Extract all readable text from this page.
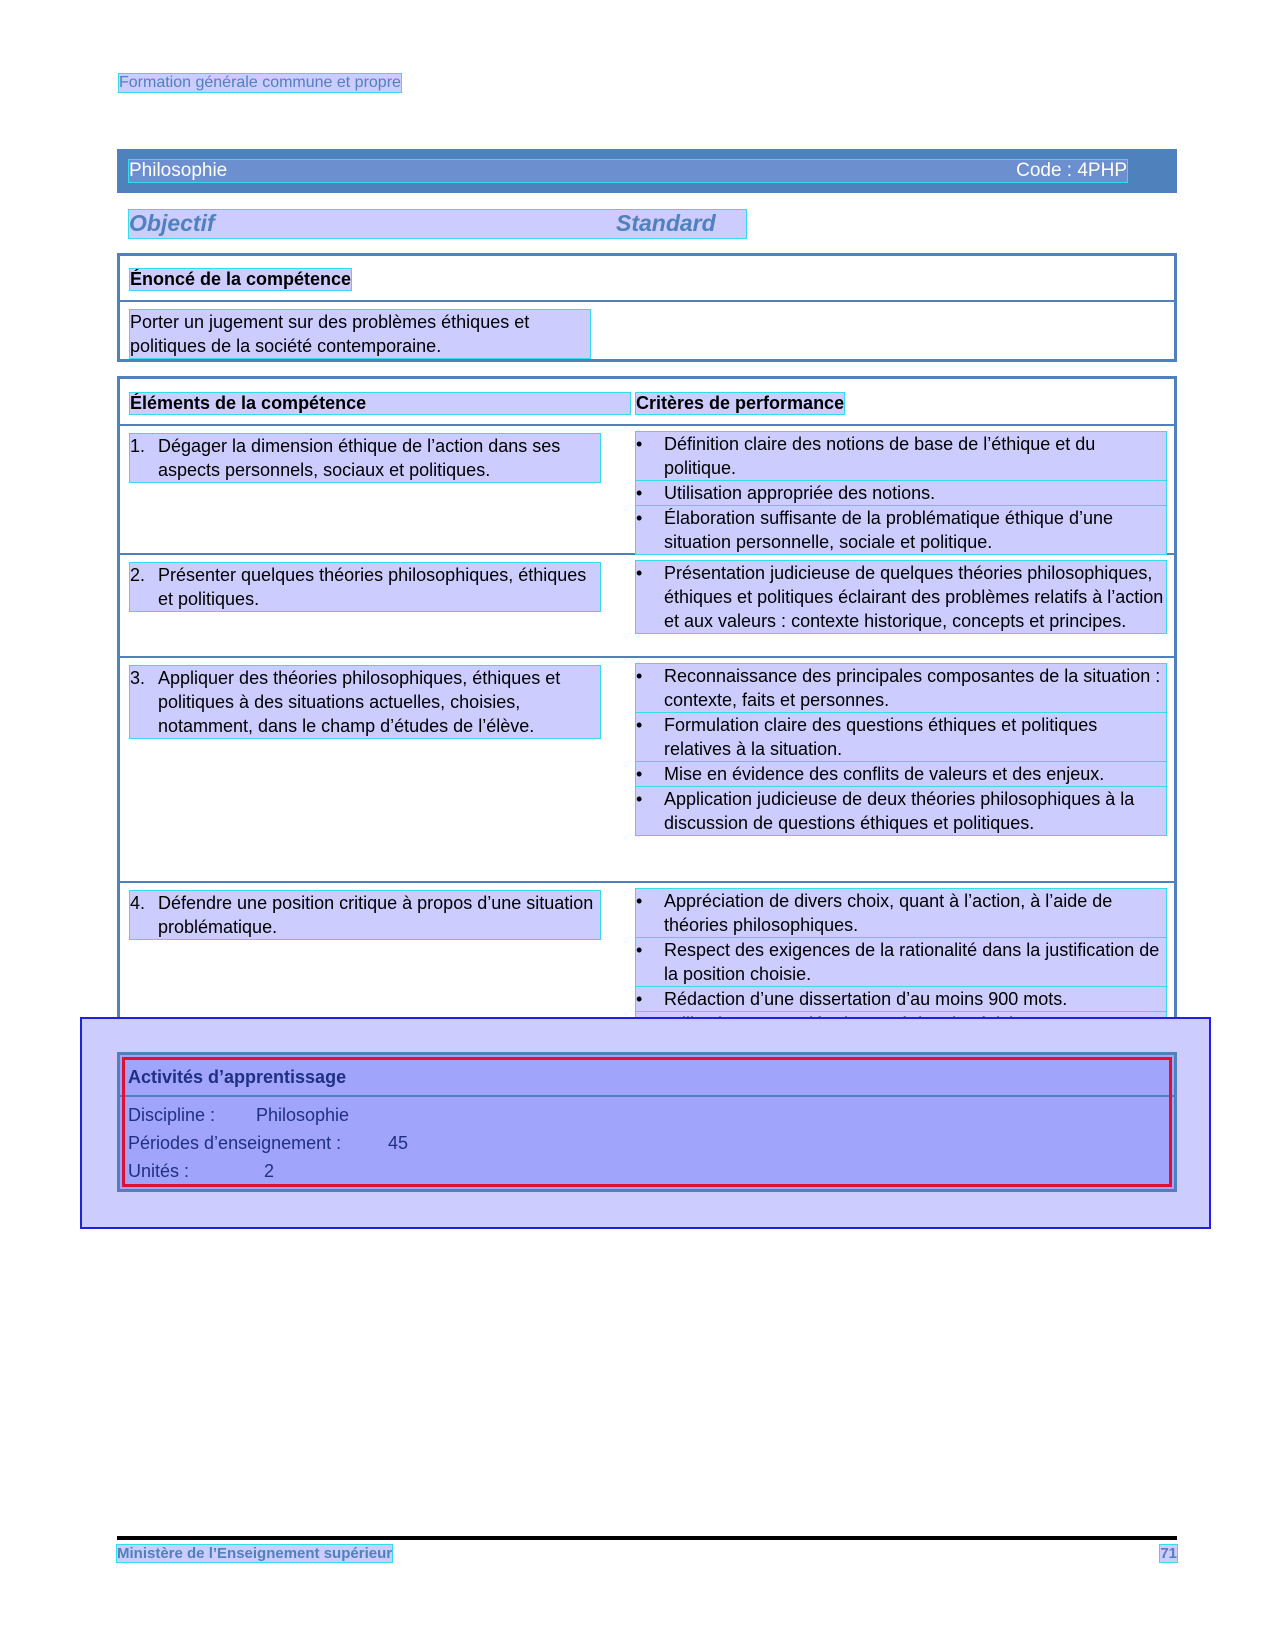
Formation générale commune et propre
Philosophie	Code : 4PHP
Objectif	Standard
Énoncé de la compétence
Porter un jugement sur des problèmes éthiques et politiques de la société contemporaine.
Éléments de la compétence	Critères de performance
1. Dégager la dimension éthique de l’action dans ses aspects personnels, sociaux et politiques.
•	Définition claire des notions de base de l’éthique et du politique.
•	Utilisation appropriée des notions.
•	Élaboration suffisante de la problématique éthique d’une situation personnelle, sociale et politique.
2. Présenter quelques théories philosophiques, éthiques et politiques.
•	Présentation judicieuse de quelques théories philosophiques, éthiques et politiques éclairant des problèmes relatifs à l’action et aux valeurs : contexte historique, concepts et principes.
3. Appliquer des théories philosophiques, éthiques et politiques à des situations actuelles, choisies, notamment, dans le champ d’études de l’élève.
•	Reconnaissance des principales composantes de la situation : contexte, faits et personnes.
•	Formulation claire des questions éthiques et politiques relatives à la situation.
•	Mise en évidence des conflits de valeurs et des enjeux.
•	Application judicieuse de deux théories philosophiques à la discussion de questions éthiques et politiques.
4. Défendre une position critique à propos d’une situation problématique.
•	Appréciation de divers choix, quant à l’action, à l’aide de théories philosophiques.
•	Respect des exigences de la rationalité dans la justification de la position choisie.
•	Rédaction d’une dissertation d’au moins 900 mots.
Activités d’apprentissage
Discipline : Philosophie
Périodes d’enseignement :	45
Unités :	2
Ministère de l’Enseignement supérieur	71
